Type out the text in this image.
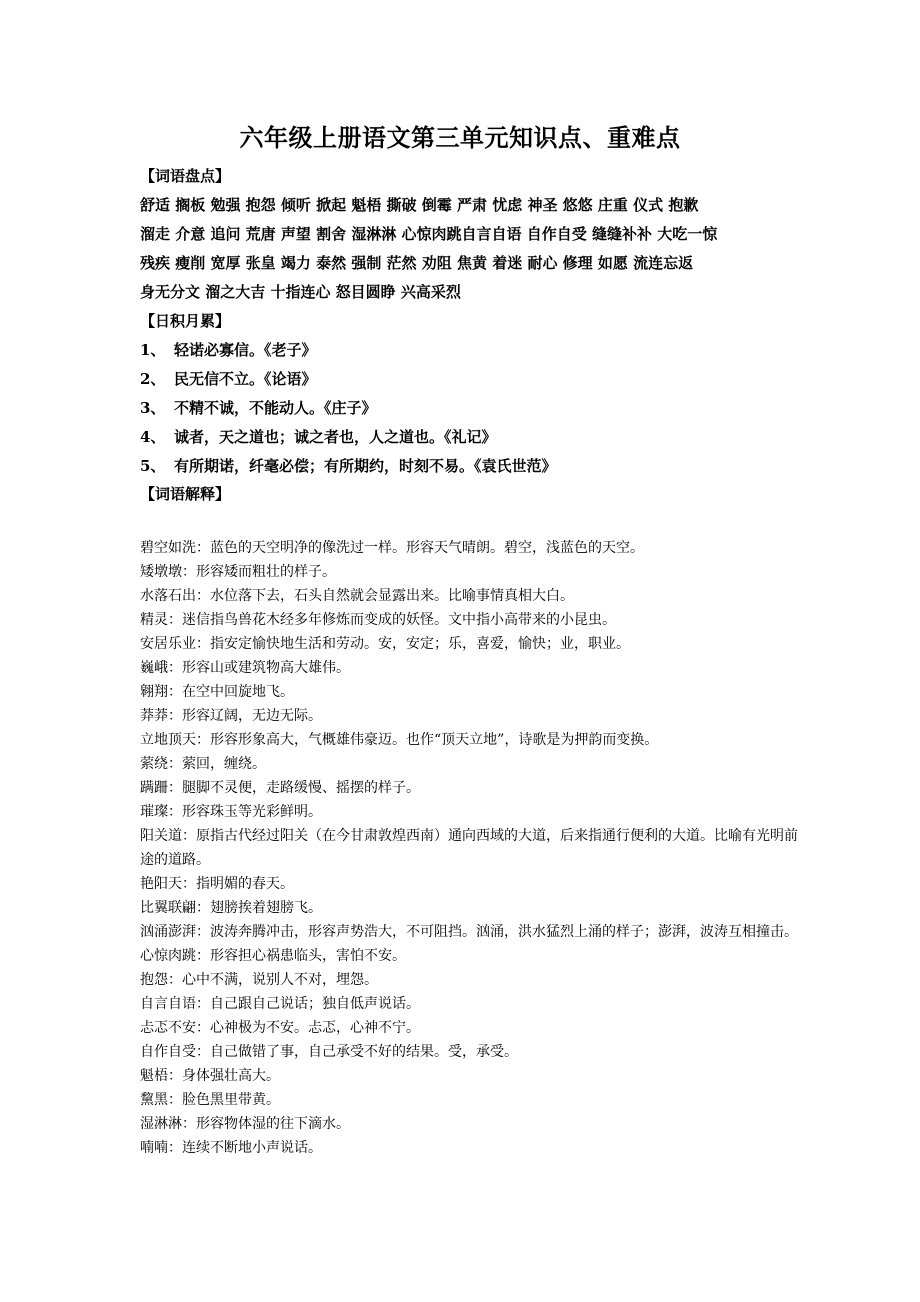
六年级上册语文第三单元知识点、重难点
【词语盘点】
舒适 搁板 勉强 抱怨 倾听 掀起 魁梧 撕破 倒霉 严肃 忧虑 神圣 悠悠 庄重 仪式 抱歉
溜走 介意 追问 荒唐 声望 割舍 湿淋淋 心惊肉跳自言自语 自作自受 缝缝补补 大吃一惊
残疾 瘦削 宽厚 张皇 竭力 泰然 强制 茫然 劝阻 焦黄 着迷 耐心 修理 如愿 流连忘返
身无分文 溜之大吉 十指连心 怒目圆睁 兴高采烈
【日积月累】
1、 轻诺必寡信。《老子》
2、 民无信不立。《论语》
3、 不精不诚，不能动人。《庄子》
4、 诚者，天之道也；诚之者也，人之道也。《礼记》
5、 有所期诺，纤毫必偿；有所期约，时刻不易。《袁氏世范》
【词语解释】
碧空如洗：蓝色的天空明净的像洗过一样。形容天气晴朗。碧空，浅蓝色的天空。
矮墩墩：形容矮而粗壮的样子。
水落石出：水位落下去，石头自然就会显露出来。比喻事情真相大白。
精灵：迷信指鸟兽花木经多年修炼而变成的妖怪。文中指小高带来的小昆虫。
安居乐业：指安定愉快地生活和劳动。安，安定；乐，喜爱，愉快；业，职业。
巍峨：形容山或建筑物高大雄伟。
翱翔：在空中回旋地飞。
莽莽：形容辽阔，无边无际。
立地顶天：形容形象高大，气概雄伟豪迈。也作“顶天立地”，诗歌是为押韵而变换。
萦绕：萦回，缠绕。
蹒跚：腿脚不灵便，走路缓慢、摇摆的样子。
璀璨：形容珠玉等光彩鲜明。
阳关道：原指古代经过阳关（在今甘肃敦煌西南）通向西域的大道，后来指通行便利的大道。比喻有光明前途的道路。
艳阳天：指明媚的春天。
比翼联翩：翅膀挨着翅膀飞。
汹涌澎湃：波涛奔腾冲击，形容声势浩大，不可阻挡。汹涌，洪水猛烈上涌的样子；澎湃，波涛互相撞击。
心惊肉跳：形容担心祸患临头，害怕不安。
抱怨：心中不满，说别人不对，埋怨。
自言自语：自己跟自己说话；独自低声说话。
忐忑不安：心神极为不安。忐忑，心神不宁。
自作自受：自己做错了事，自己承受不好的结果。受，承受。
魁梧：身体强壮高大。
黧黑：脸色黑里带黄。
湿淋淋：形容物体湿的往下滴水。
喃喃：连续不断地小声说话。
